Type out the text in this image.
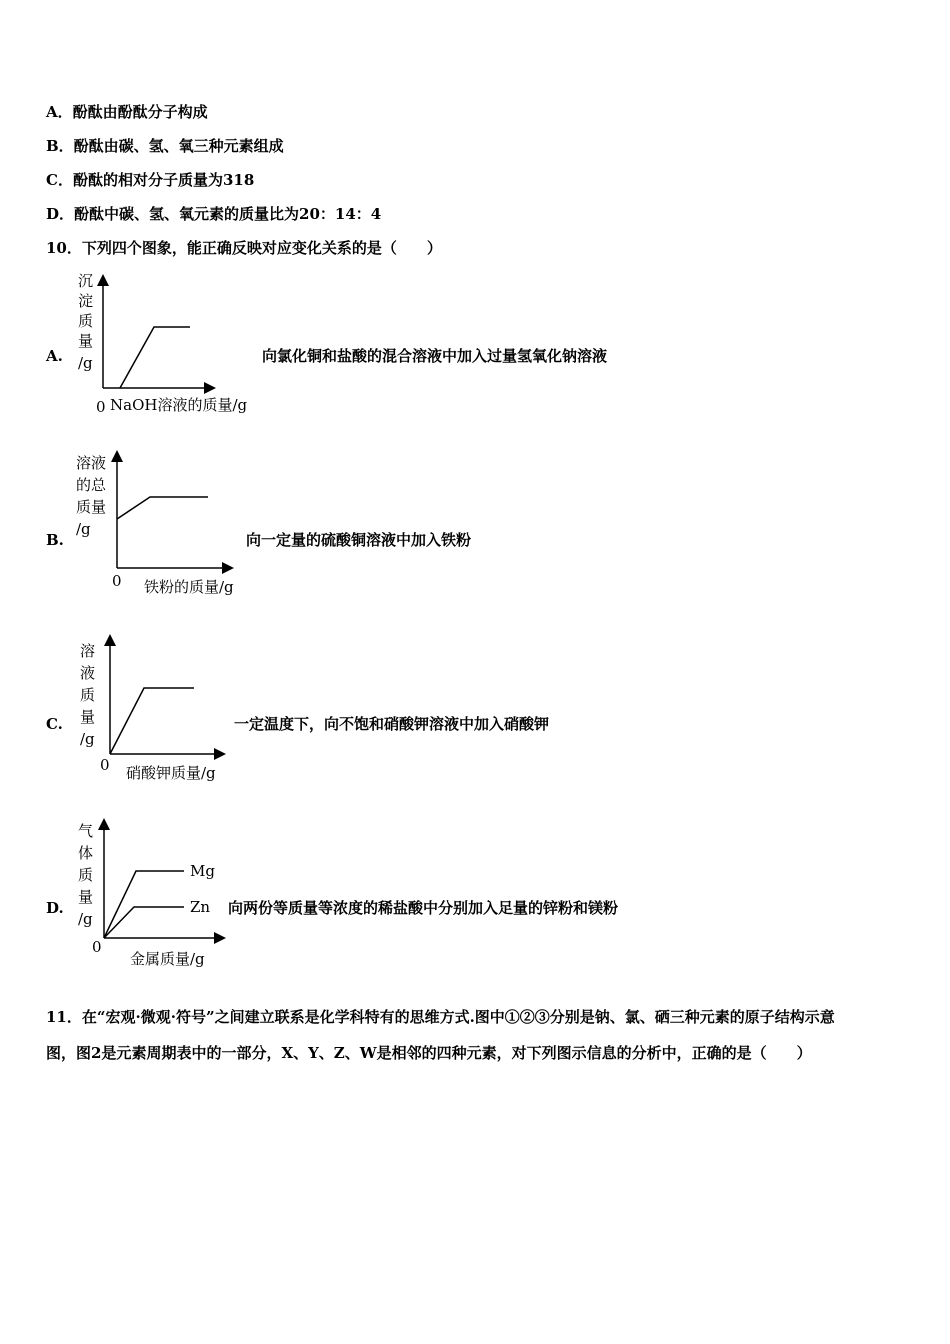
A．酚酞由酚酞分子构成
B．酚酞由碳、氢、氧三种元素组成
C．酚酞的相对分子质量为318
D．酚酞中碳、氢、氧元素的质量比为20：14：4
10．下列四个图象，能正确反映对应变化关系的是（　　）
A.
沉
淀
质
量
/g
0 NaOH溶液的质量/g
向氯化铜和盐酸的混合溶液中加入过量氢氧化钠溶液
B.
溶液
的总
质量
/g
0 铁粉的质量/g
向一定量的硫酸铜溶液中加入铁粉
C.
溶
液
质
量
/g
0 硝酸钾质量/g
一定温度下，向不饱和硝酸钾溶液中加入硝酸钾
D.
气
体
质
量
/g
Mg
Zn
0
金属质量/g
向两份等质量等浓度的稀盐酸中分别加入足量的锌粉和镁粉
11．在“宏观·微观·符号”之间建立联系是化学科特有的思维方式.图中①②③分别是钠、氯、硒三种元素的原子结构示意
图，图2是元素周期表中的一部分，X、Y、Z、W是相邻的四种元素，对下列图示信息的分析中，正确的是（　　）
